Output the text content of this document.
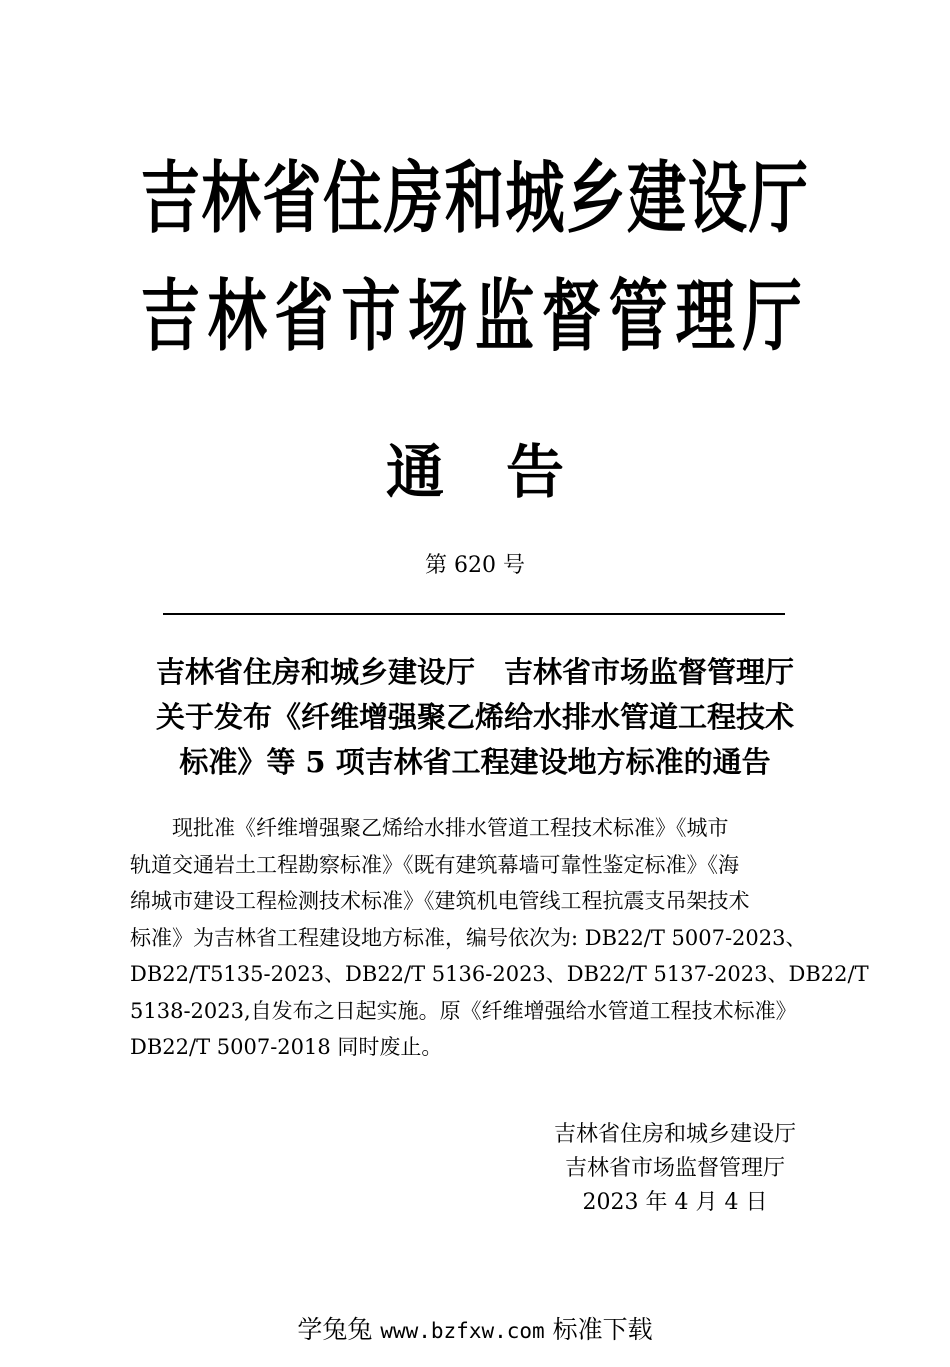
吉林省住房和城乡建设厅
吉林省市场监督管理厅
通告
第 620 号
吉林省住房和城乡建设厅　吉林省市场监督管理厅
关于发布《纤维增强聚乙烯给水排水管道工程技术
标准》等 5 项吉林省工程建设地方标准的通告
　　现批准《纤维增强聚乙烯给水排水管道工程技术标准》《城市
轨道交通岩土工程勘察标准》《既有建筑幕墙可靠性鉴定标准》《海
绵城市建设工程检测技术标准》《建筑机电管线工程抗震支吊架技术
标准》为吉林省工程建设地方标准，编号依次为: DB22/T 5007-2023、
DB22/T5135-2023、DB22/T 5136-2023、DB22/T 5137-2023、DB22/T
5138-2023,自发布之日起实施。原《纤维增强给水管道工程技术标准》
DB22/T 5007-2018 同时废止。
吉林省住房和城乡建设厅
吉林省市场监督管理厅
2023 年 4 月 4 日
学兔兔 www.bzfxw.com 标准下载
